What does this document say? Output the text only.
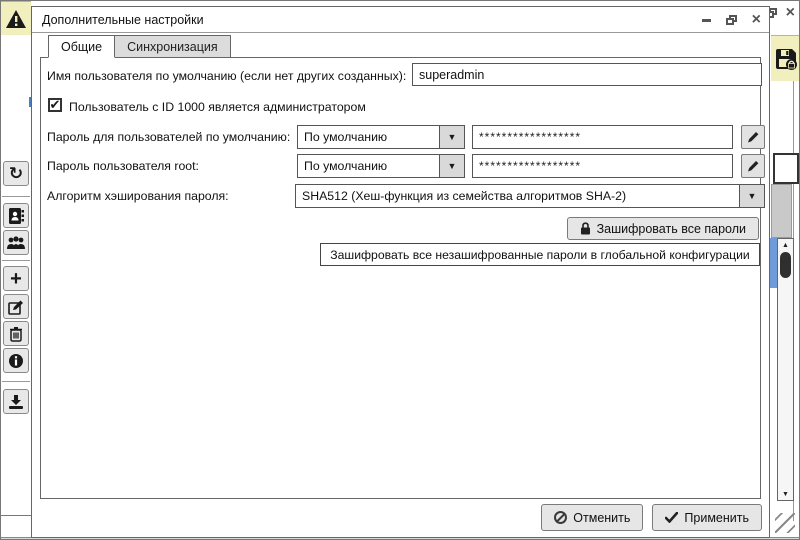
×
↻
+
▲
▼
Дополнительные настройки	×
Общие	Синхронизация
Имя пользователя по умолчанию (если нет других созданных):
superadmin
✔ Пользователь с ID 1000 является администратором
Пароль для пользователей по умолчанию:	По умолчанию	▼	******************
Пароль пользователя root:	По умолчанию	▼	******************
Алгоритм хэширования пароля:	SHA512 (Хеш-функция из семейства алгоритмов SHA-2)	▼
Зашифровать все пароли
Зашифровать все незашифрованные пароли в глобальной конфигурации
Отменить	Применить
